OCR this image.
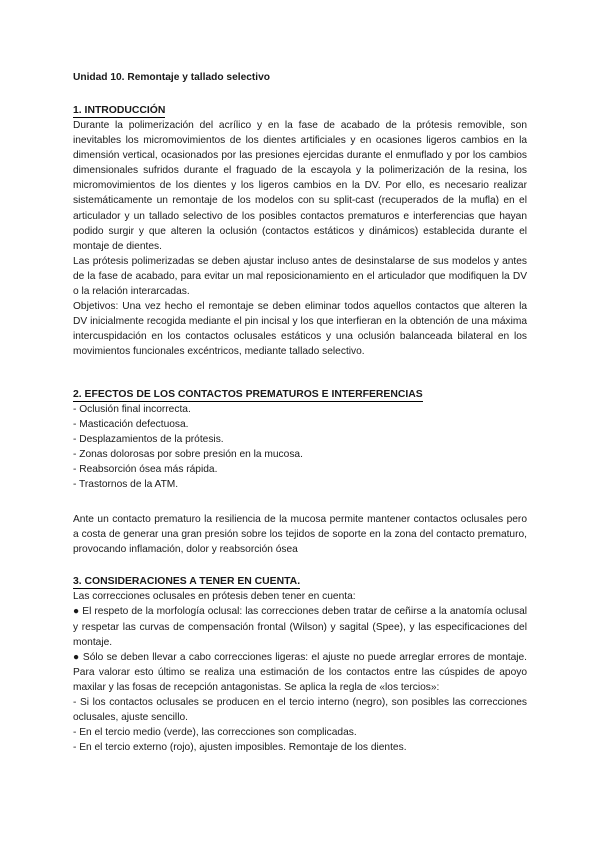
Unidad 10. Remontaje y tallado selectivo

1. INTRODUCCIÓN

Durante la polimerización del acrílico y en la fase de acabado de la prótesis removible, son inevitables los micromovimientos de los dientes artificiales y en ocasiones ligeros cambios en la dimensión vertical, ocasionados por las presiones ejercidas durante el enmuflado y por los cambios dimensionales sufridos durante el fraguado de la escayola y la polimerización de la resina, los micromovimientos de los dientes y los ligeros cambios en la DV. Por ello, es necesario realizar sistemáticamente un remontaje de los modelos con su split-cast (recuperados de la mufla) en el articulador y un tallado selectivo de los posibles contactos prematuros e interferencias que hayan podido surgir y que alteren la oclusión (contactos estáticos y dinámicos) establecida durante el montaje de dientes.

Las prótesis polimerizadas se deben ajustar incluso antes de desinstalarse de sus modelos y antes de la fase de acabado, para evitar un mal reposicionamiento en el articulador que modifiquen la DV o la relación interarcadas.

Objetivos: Una vez hecho el remontaje se deben eliminar todos aquellos contactos que alteren la DV inicialmente recogida mediante el pin incisal y los que interfieran en la obtención de una máxima intercuspidación en los contactos oclusales estáticos y una oclusión balanceada bilateral en los movimientos funcionales excéntricos, mediante tallado selectivo.

2. EFECTOS DE LOS CONTACTOS PREMATUROS E INTERFERENCIAS
- Oclusión final incorrecta.
- Masticación defectuosa.
- Desplazamientos de la prótesis.
- Zonas dolorosas por sobre presión en la mucosa.
- Reabsorción ósea más rápida.
- Trastornos de la ATM.

Ante un contacto prematuro la resiliencia de la mucosa permite mantener contactos oclusales pero a costa de generar una gran presión sobre los tejidos de soporte en la zona del contacto prematuro, provocando inflamación, dolor y reabsorción ósea

3. CONSIDERACIONES A TENER EN CUENTA.

Las correcciones oclusales en prótesis deben tener en cuenta:

● El respeto de la morfología oclusal: las correcciones deben tratar de ceñirse a la anatomía oclusal y respetar las curvas de compensación frontal (Wilson) y sagital (Spee), y las especificaciones del montaje.

● Sólo se deben llevar a cabo correcciones ligeras: el ajuste no puede arreglar errores de montaje. Para valorar esto último se realiza una estimación de los contactos entre las cúspides de apoyo maxilar y las fosas de recepción antagonistas. Se aplica la regla de «los tercios»:

- Si los contactos oclusales se producen en el tercio interno (negro), son posibles las correcciones oclusales, ajuste sencillo.

- En el tercio medio (verde), las correcciones son complicadas.

- En el tercio externo (rojo), ajusten imposibles. Remontaje de los dientes.
